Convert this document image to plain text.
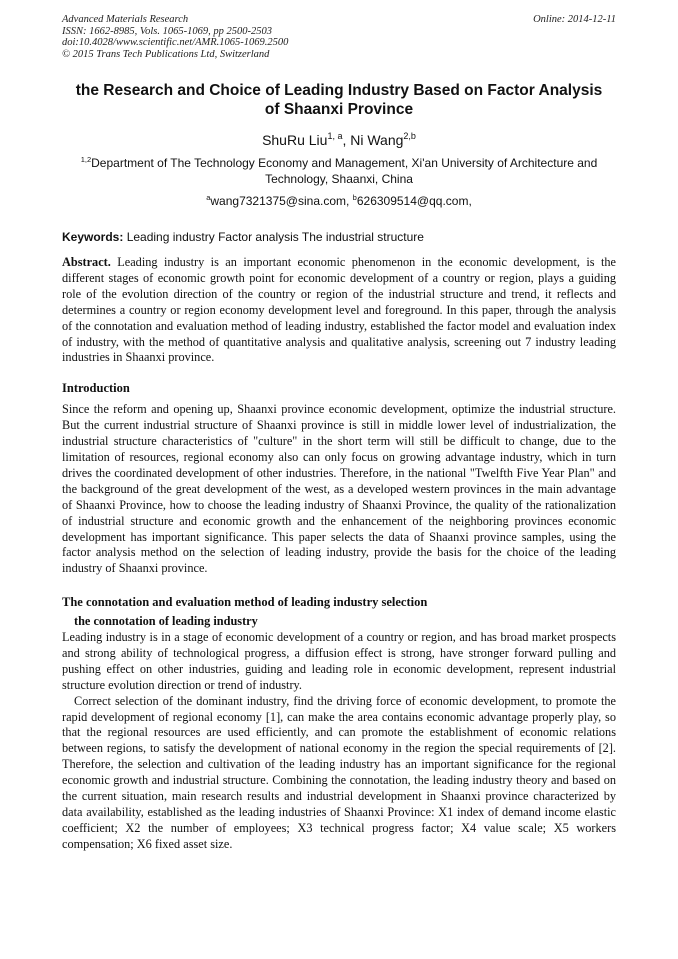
Advanced Materials Research
ISSN: 1662-8985, Vols. 1065-1069, pp 2500-2503
doi:10.4028/www.scientific.net/AMR.1065-1069.2500
© 2015 Trans Tech Publications Ltd, Switzerland
Online: 2014-12-11
the Research and Choice of Leading Industry Based on Factor Analysis
of Shaanxi Province
ShuRu Liu$^{1, a}$, Ni Wang$^{2,b}$
$^{1,2}$Department of The Technology Economy and Management, Xi'an University of Architecture and
Technology, Shaanxi, China
$^a$wang7321375@sina.com, $^b$626309514@qq.com,
Keywords: Leading industry Factor analysis The industrial structure

Abstract. Leading industry is an important economic phenomenon in the economic development, is the different stages of economic growth point for economic development of a country or region, plays a guiding role of the evolution direction of the country or region of the industrial structure and trend, it reflects and determines a country or region economy development level and foreground. In this paper, through the analysis of the connotation and evaluation method of leading industry, established the factor model and evaluation index of industry, with the method of quantitative analysis and qualitative analysis, screening out 7 industry leading industries in Shaanxi province.

Introduction

Since the reform and opening up, Shaanxi province economic development, optimize the industrial structure. But the current industrial structure of Shaanxi province is still in middle lower level of industrialization, the industrial structure characteristics of "culture" in the short term will still be difficult to change, due to the limitation of resources, regional economy also can only focus on growing advantage industry, which in turn drives the coordinated development of other industries. Therefore, in the national "Twelfth Five Year Plan" and the background of the great development of the west, as a developed western provinces in the main advantage of Shaanxi Province, how to choose the leading industry of Shaanxi Province, the quality of the rationalization of industrial structure and economic growth and the enhancement of the neighboring provinces economic development has important significance. This paper selects the data of Shaanxi province samples, using the factor analysis method on the selection of leading industry, provide the basis for the choice of the leading industry of Shaanxi province.

The connotation and evaluation method of leading industry selection

the connotation of leading industry

Leading industry is in a stage of economic development of a country or region, and has broad market prospects and strong ability of technological progress, a diffusion effect is strong, have stronger forward pulling and pushing effect on other industries, guiding and leading role in economic development, represent industrial structure evolution direction or trend of industry.

Correct selection of the dominant industry, find the driving force of economic development, to promote the rapid development of regional economy [1], can make the area contains economic advantage properly play, so that the regional resources are used efficiently, and can promote the establishment of economic relations between regions, to satisfy the development of national economy in the region the special requirements of [2]. Therefore, the selection and cultivation of the leading industry has an important significance for the regional economic growth and industrial structure. Combining the connotation, the leading industry theory and based on the current situation, main research results and industrial development in Shaanxi province characterized by data availability, established as the leading industries of Shaanxi Province: X1 index of demand income elastic coefficient; X2 the number of employees; X3 technical progress factor; X4 value scale; X5 workers compensation; X6 fixed asset size.
